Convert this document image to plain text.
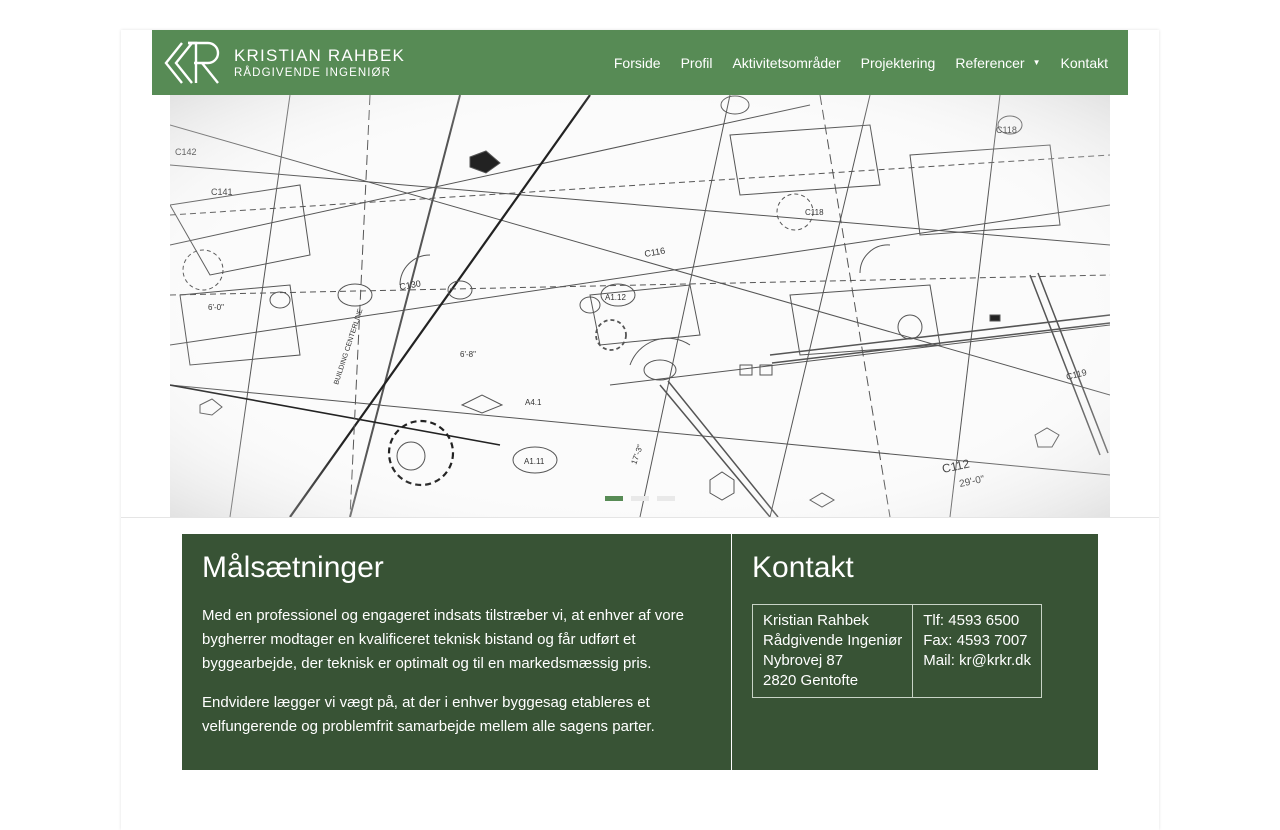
KRISTIAN RAHBEK
RÅDGIVENDE INGENIØR
Forside Profil Aktivitetsområder Projektering Referencer ▼ Kontakt
Målsætninger

Med en professionel og engageret indsats tilstræber vi, at enhver af vore bygherrer modtager en kvalificeret teknisk bistand og får udført et byggearbejde, der teknisk er optimalt og til en markedsmæssig pris.

Endvidere lægger vi vægt på, at der i enhver byggesag etableres et velfungerende og problemfrit samarbejde mellem alle sagens parter.

Kontakt
Kristian Rahbek
Rådgivende Ingeniør
Nybrovej 87
2820 Gentofte

Tlf: 4593 6500
Fax: 4593 7007
Mail: kr@krkr.dk
